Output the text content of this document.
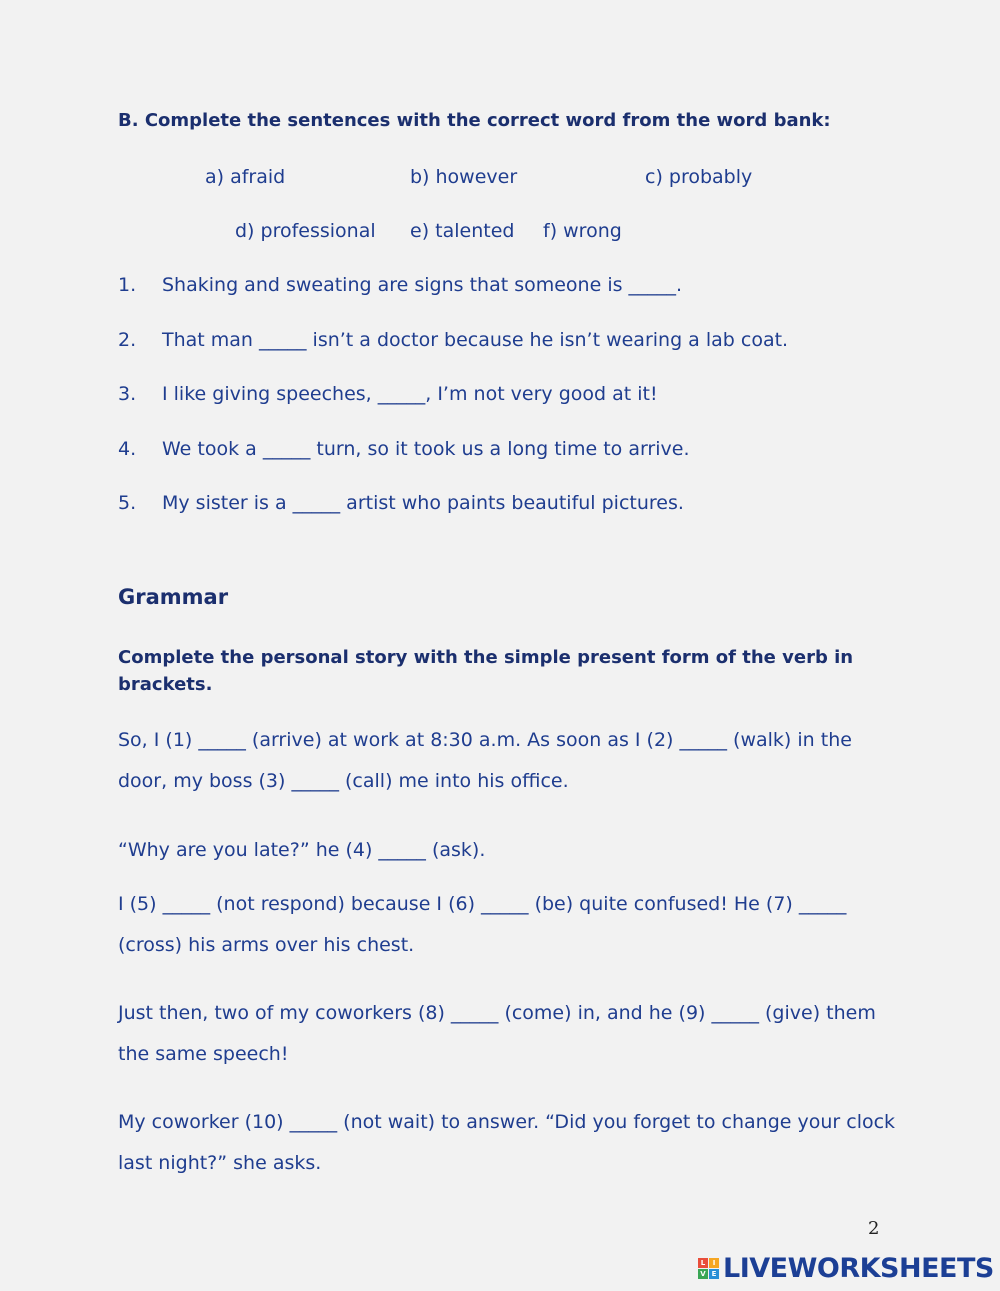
B. Complete the sentences with the correct word from the word bank:
a) afraid	b) however	c) probably
d) professional e) talented f) wrong
1. Shaking and sweating are signs that someone is _____.
2. That man _____ isn’t a doctor because he isn’t wearing a lab coat.
3. I like giving speeches, _____, I’m not very good at it!
4. We took a _____ turn, so it took us a long time to arrive.
5. My sister is a _____ artist who paints beautiful pictures.
Grammar
Complete the personal story with the simple present form of the verb in
brackets.
So, I (1) _____ (arrive) at work at 8:30 a.m. As soon as I (2) _____ (walk) in the
door, my boss (3) _____ (call) me into his office.
“Why are you late?” he (4) _____ (ask).
I (5) _____ (not respond) because I (6) _____ (be) quite confused! He (7) _____
(cross) his arms over his chest.
Just then, two of my coworkers (8) _____ (come) in, and he (9) _____ (give) them
the same speech!
My coworker (10) _____ (not wait) to answer. “Did you forget to change your clock
last night?” she asks.
2
L	I
V E LIVEWORKSHEETS
